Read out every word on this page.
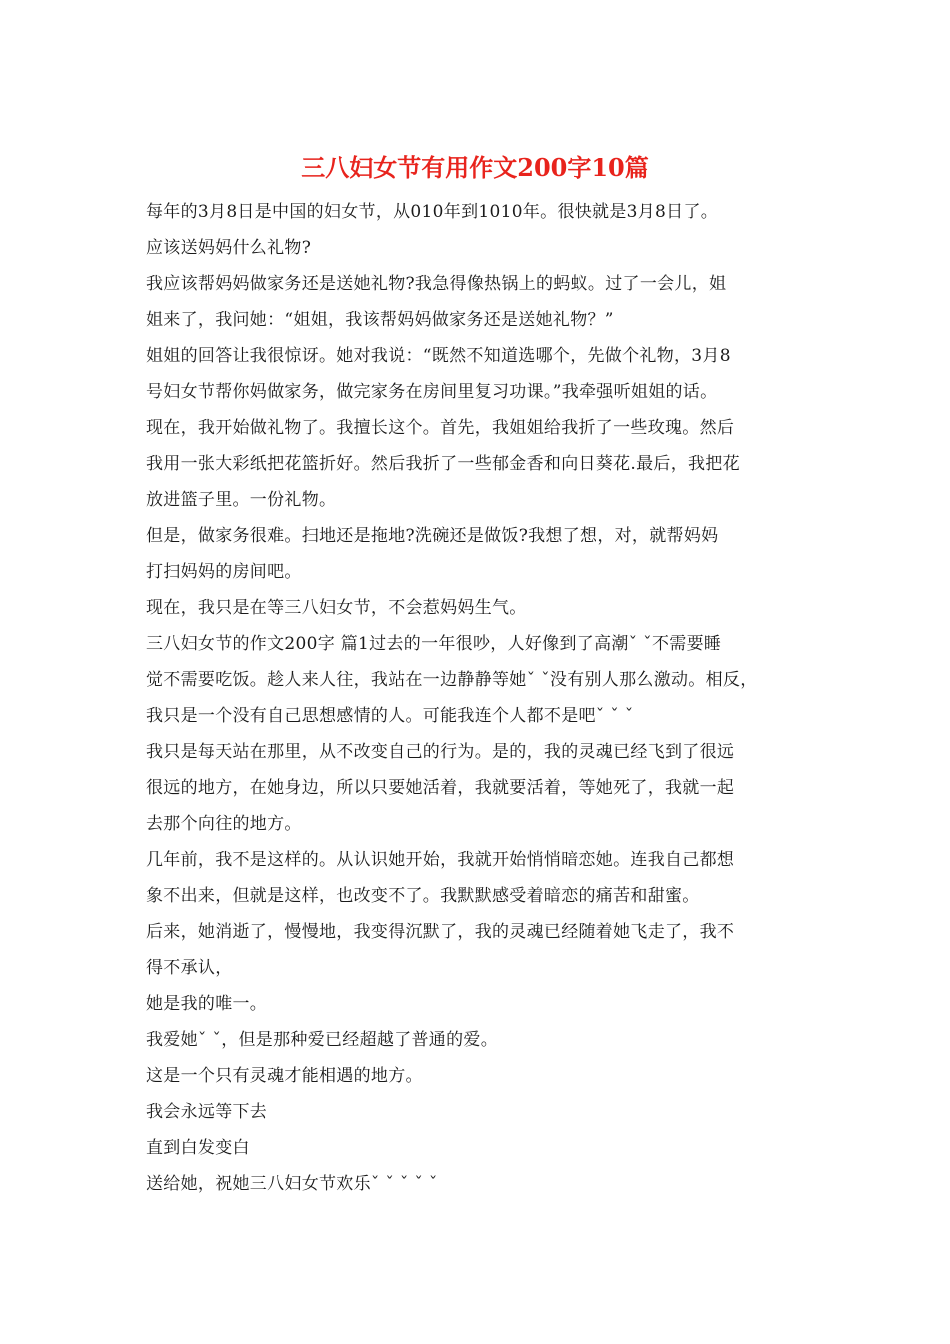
三八妇女节有用作文200字10篇
每年的3月8日是中国的妇女节，从010年到1010年。很快就是3月8日了。
应该送妈妈什么礼物?
我应该帮妈妈做家务还是送她礼物?我急得像热锅上的蚂蚁。过了一会儿，姐
姐来了，我问她：“姐姐，我该帮妈妈做家务还是送她礼物？”
姐姐的回答让我很惊讶。她对我说：“既然不知道选哪个，先做个礼物，3月8
号妇女节帮你妈做家务，做完家务在房间里复习功课。”我牵强听姐姐的话。
现在，我开始做礼物了。我擅长这个。首先，我姐姐给我折了一些玫瑰。然后
我用一张大彩纸把花篮折好。然后我折了一些郁金香和向日葵花.最后，我把花
放进篮子里。一份礼物。
但是，做家务很难。扫地还是拖地?洗碗还是做饭?我想了想，对，就帮妈妈
打扫妈妈的房间吧。
现在，我只是在等三八妇女节，不会惹妈妈生气。
三八妇女节的作文200字 篇1过去的一年很吵，人好像到了高潮ˇ ˇ不需要睡
觉不需要吃饭。趁人来人往，我站在一边静静等她ˇ ˇ没有别人那么激动。相反，
我只是一个没有自己思想感情的人。可能我连个人都不是吧ˇ ˇ ˇ
我只是每天站在那里，从不改变自己的行为。是的，我的灵魂已经飞到了很远
很远的地方，在她身边，所以只要她活着，我就要活着，等她死了，我就一起
去那个向往的地方。
几年前，我不是这样的。从认识她开始，我就开始悄悄暗恋她。连我自己都想
象不出来，但就是这样，也改变不了。我默默感受着暗恋的痛苦和甜蜜。
后来，她消逝了，慢慢地，我变得沉默了，我的灵魂已经随着她飞走了，我不
得不承认，
她是我的唯一。
我爱她ˇ ˇ，但是那种爱已经超越了普通的爱。
这是一个只有灵魂才能相遇的地方。
我会永远等下去
直到白发变白
送给她，祝她三八妇女节欢乐ˇ ˇ ˇ ˇ ˇ
